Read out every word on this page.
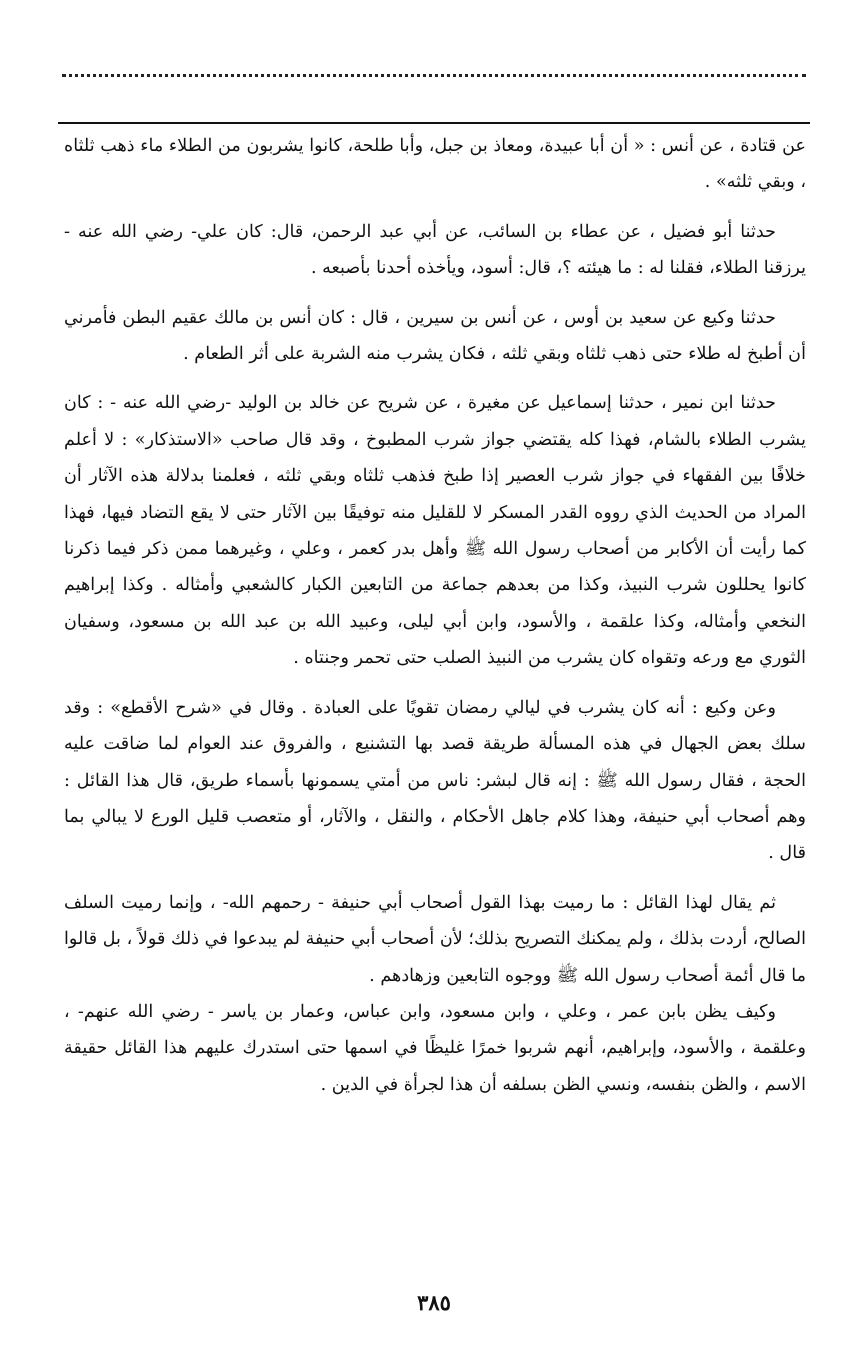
عن قتادة ، عن أنس : « أن أبا عبيدة، ومعاذ بن جبل، وأبا طلحة، كانوا يشربون من الطلاء ماء ذهب ثلثاه ، وبقي ثلثه» .

حدثنا أبو فضيل ، عن عطاء بن السائب، عن أبي عبد الرحمن، قال: كان علي- رضي الله عنه - يرزقنا الطلاء، فقلنا له : ما هيئته ؟، قال: أسود، ويأخذه أحدنا بأصبعه .

حدثنا وكيع عن سعيد بن أوس ، عن أنس بن سيرين ، قال : كان أنس بن مالك عقيم البطن فأمرني أن أطبخ له طلاء حتى ذهب ثلثاه وبقي ثلثه ، فكان يشرب منه الشربة على أثر الطعام .

حدثنا ابن نمير ، حدثنا إسماعيل عن مغيرة ، عن شريح عن خالد بن الوليد -رضي الله عنه - : كان يشرب الطلاء بالشام، فهذا كله يقتضي جواز شرب المطبوخ ، وقد قال صاحب «الاستذكار» : لا أعلم خلافًا بين الفقهاء في جواز شرب العصير إذا طبخ فذهب ثلثاه وبقي ثلثه ، فعلمنا بدلالة هذه الآثار أن المراد من الحديث الذي رووه القدر المسكر لا للقليل منه توفيقًا بين الآثار حتى لا يقع التضاد فيها، فهذا كما رأيت أن الأكابر من أصحاب رسول الله ﷺ وأهل بدر كعمر ، وعلي ، وغيرهما ممن ذكر فيما ذكرنا كانوا يحللون شرب النبيذ، وكذا من بعدهم جماعة من التابعين الكبار كالشعبي وأمثاله . وكذا إبراهيم النخعي وأمثاله، وكذا علقمة ، والأسود، وابن أبي ليلى، وعبيد الله بن عبد الله بن مسعود، وسفيان الثوري مع ورعه وتقواه كان يشرب من النبيذ الصلب حتى تحمر وجنتاه .

وعن وكيع : أنه كان يشرب في ليالي رمضان تقويًا على العبادة . وقال في «شرح الأقطع» : وقد سلك بعض الجهال في هذه المسألة طريقة قصد بها التشنيع ، والفروق عند العوام لما ضاقت عليه الحجة ، فقال رسول الله ﷺ : إنه قال لبشر: ناس من أمتي يسمونها بأسماء طريق، قال هذا القائل : وهم أصحاب أبي حنيفة، وهذا كلام جاهل الأحكام ، والنقل ، والآثار، أو متعصب قليل الورع لا يبالي بما قال .

ثم يقال لهذا القائل : ما رميت بهذا القول أصحاب أبي حنيفة - رحمهم الله- ، وإنما رميت السلف الصالح، أردت بذلك ، ولم يمكنك التصريح بذلك؛ لأن أصحاب أبي حنيفة لم يبدعوا في ذلك قولاً ، بل قالوا ما قال أئمة أصحاب رسول الله ﷺ ووجوه التابعين وزهادهم .

وكيف يظن بابن عمر ، وعلي ، وابن مسعود، وابن عباس، وعمار بن ياسر - رضي الله عنهم- ، وعلقمة ، والأسود، وإبراهيم، أنهم شربوا خمرًا غليظًا في اسمها حتى استدرك عليهم هذا القائل حقيقة الاسم ، والظن بنفسه، ونسي الظن بسلفه أن هذا لجرأة في الدين .

٣٨٥
